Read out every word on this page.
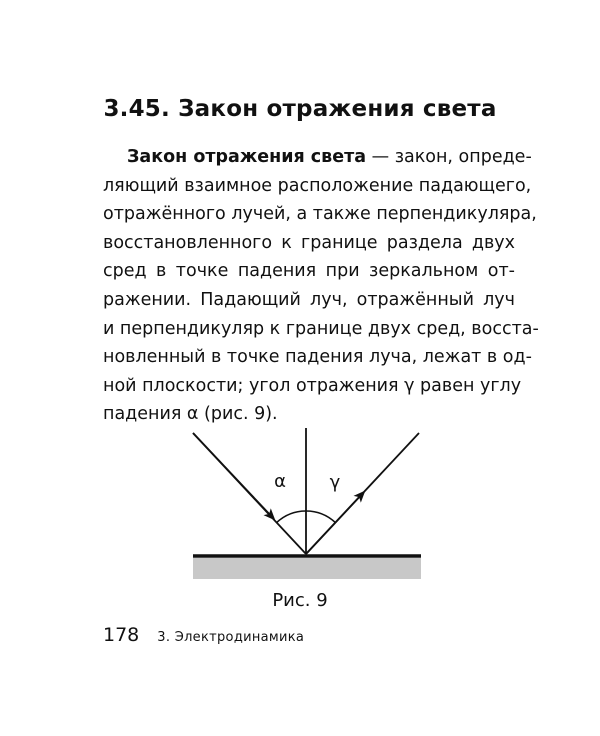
3.45. Закон отражения света
Закон отражения света — закон, опреде-
ляющий взаимное расположение падающего,
отражённого лучей, а также перпендикуляра,
восстановленного к границе раздела двух
сред в точке падения при зеркальном от-
ражении. Падающий луч, отражённый луч
и перпендикуляр к границе двух сред, восста-
новленный в точке падения луча, лежат в од-
ной плоскости; угол отражения γ равен углу
падения α (рис. 9).
α γ
Рис. 9
178 3. Электродинамика
